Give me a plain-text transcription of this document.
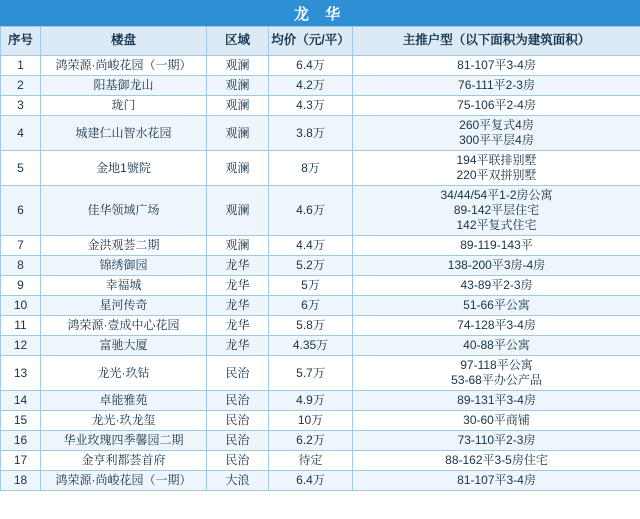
龙 华
序号	楼盘	区域	均价（元/平）	主推户型（以下面积为建筑面积）
1	鸿荣源·尚峻花园（一期）	观澜	6.4万	81-107平3-4房

2	阳基御龙山	观澜	4.2万	76-111平2-3房

3	珑门	观澜	4.3万	75-106平2-4房

4	城建仁山智水花园	观澜	3.8万	260平复式4房
300平平层4房

5	金地1號院	观澜	8万	194平联排别墅
220平双拼别墅

6	佳华领域广场	观澜	4.6万	34/44/54平1-2房公寓
89-142平层住宅
142平复式住宅

7	金洪观荟二期	观澜	4.4万	89-119-143平

8	锦绣御园	龙华	5.2万	138-200平3房-4房

9	幸福城	龙华	5万	43-89平2-3房

10	星河传奇	龙华	6万	51-66平公寓

11	鸿荣源·壹成中心花园	龙华	5.8万	74-128平3-4房

12	富驰大厦	龙华	4.35万	40-88平公寓

13	龙光·玖钻	民治	5.7万	97-118平公寓
53-68平办公产品

14	卓能雅苑	民治	4.9万	89-131平3-4房

15	龙光·玖龙玺	民治	10万	30-60平商铺

16	华业玫瑰四季馨园二期	民治	6.2万	73-110平2-3房

17	金亨利都荟首府	民治	待定	88-162平3-5房住宅

18	鸿荣源·尚峻花园（一期）	大浪	6.4万	81-107平3-4房
